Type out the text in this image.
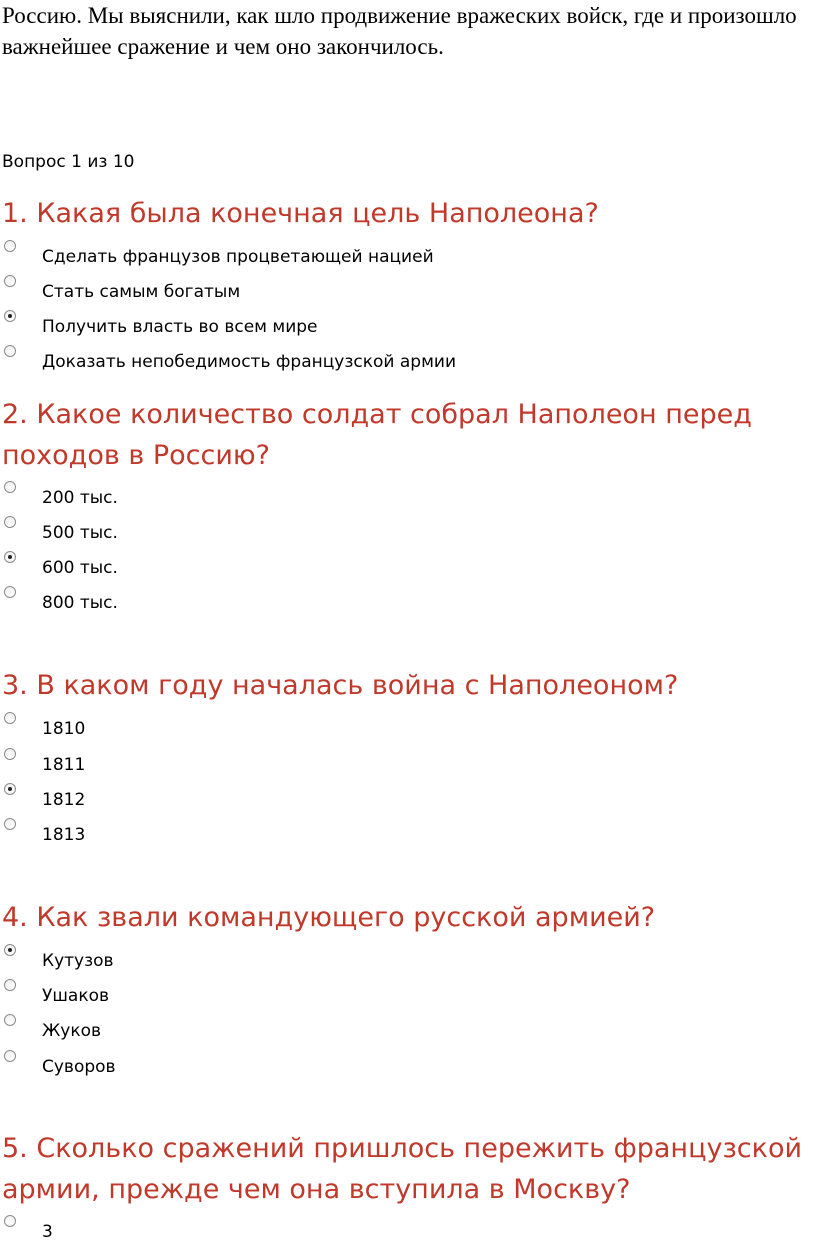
Россию. Мы выяснили, как шло продвижение вражеских войск, где и произошло важнейшее сражение и чем оно закончилось.

Вопрос 1 из 10
1. Какая была конечная цель Наполеона?
Сделать французов процветающей нацией
Стать самым богатым
Получить власть во всем мире
Доказать непобедимость французской армии
2. Какое количество солдат собрал Наполеон перед походов в Россию?
200 тыс.
500 тыс.
600 тыс.
800 тыс.
3. В каком году началась война с Наполеоном?
1810
1811
1812
1813
4. Как звали командующего русской армией?
Кутузов
Ушаков
Жуков
Суворов
5. Сколько сражений пришлось пережить французской армии, прежде чем она вступила в Москву?
3
